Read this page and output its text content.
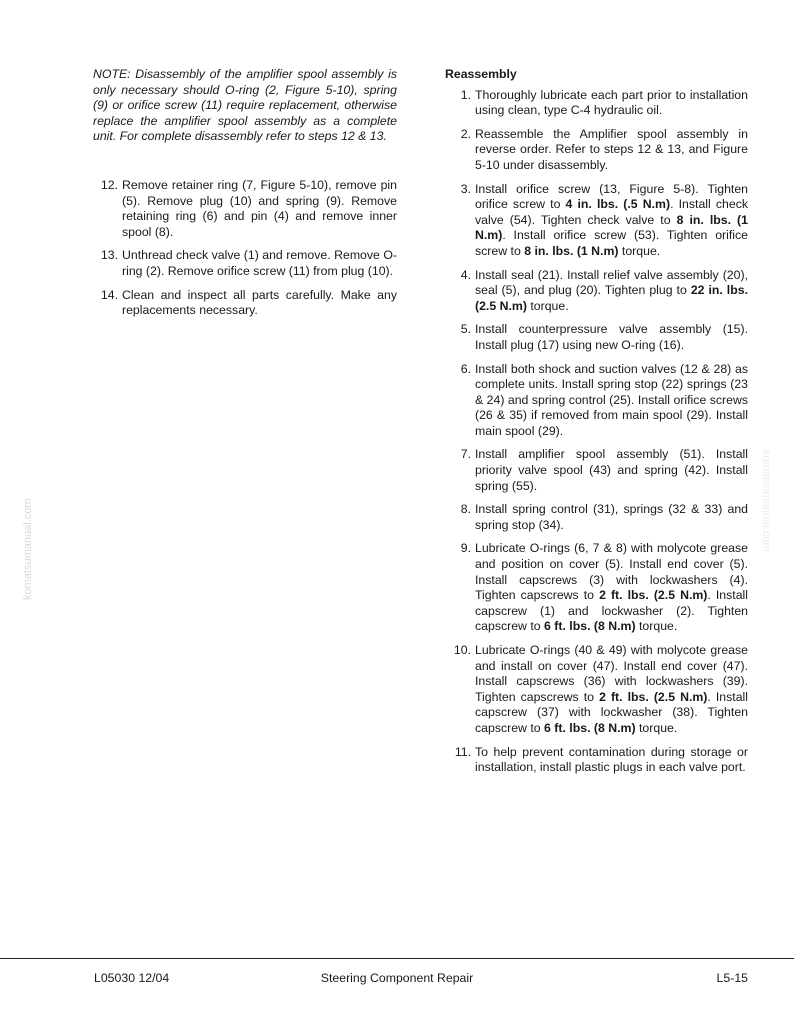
komatsumanual.com	komatsumanual.com

NOTE: Disassembly of the amplifier spool assembly is only necessary should O-ring (2, Figure 5-10), spring (9) or orifice screw (11) require replacement, otherwise replace the amplifier spool assembly as a complete unit. For complete disassembly refer to steps 12 & 13.

12. Remove retainer ring (7, Figure 5-10), remove pin (5). Remove plug (10) and spring (9). Remove retaining ring (6) and pin (4) and remove inner spool (8).
13. Unthread check valve (1) and remove. Remove O-ring (2). Remove orifice screw (11) from plug (10).
14. Clean and inspect all parts carefully. Make any replacements necessary.

Reassembly

1. Thoroughly lubricate each part prior to installation using clean, type C-4 hydraulic oil.
2. Reassemble the Amplifier spool assembly in reverse order. Refer to steps 12 & 13, and Figure 5-10 under disassembly.
3. Install orifice screw (13, Figure 5-8). Tighten orifice screw to 4 in. lbs. (.5 N.m). Install check valve (54). Tighten check valve to 8 in. lbs. (1 N.m). Install orifice screw (53). Tighten orifice screw to 8 in. lbs. (1 N.m) torque.
4. Install seal (21). Install relief valve assembly (20), seal (5), and plug (20). Tighten plug to 22 in. lbs. (2.5 N.m) torque.
5. Install counterpressure valve assembly (15). Install plug (17) using new O-ring (16).
6. Install both shock and suction valves (12 & 28) as complete units. Install spring stop (22) springs (23 & 24) and spring control (25). Install orifice screws (26 & 35) if removed from main spool (29). Install main spool (29).
7. Install amplifier spool assembly (51). Install priority valve spool (43) and spring (42). Install spring (55).
8. Install spring control (31), springs (32 & 33) and spring stop (34).
9. Lubricate O-rings (6, 7 & 8) with molycote grease and position on cover (5). Install end cover (5). Install capscrews (3) with lockwashers (4). Tighten capscrews to 2 ft. lbs. (2.5 N.m). Install capscrew (1) and lockwasher (2). Tighten capscrew to 6 ft. lbs. (8 N.m) torque.
10. Lubricate O-rings (40 & 49) with molycote grease and install on cover (47). Install end cover (47). Install capscrews (36) with lockwashers (39). Tighten capscrews to 2 ft. lbs. (2.5 N.m). Install capscrew (37) with lockwasher (38). Tighten capscrew to 6 ft. lbs. (8 N.m) torque.
11. To help prevent contamination during storage or installation, install plastic plugs in each valve port.
L05030 12/04	Steering Component Repair	L5-15
